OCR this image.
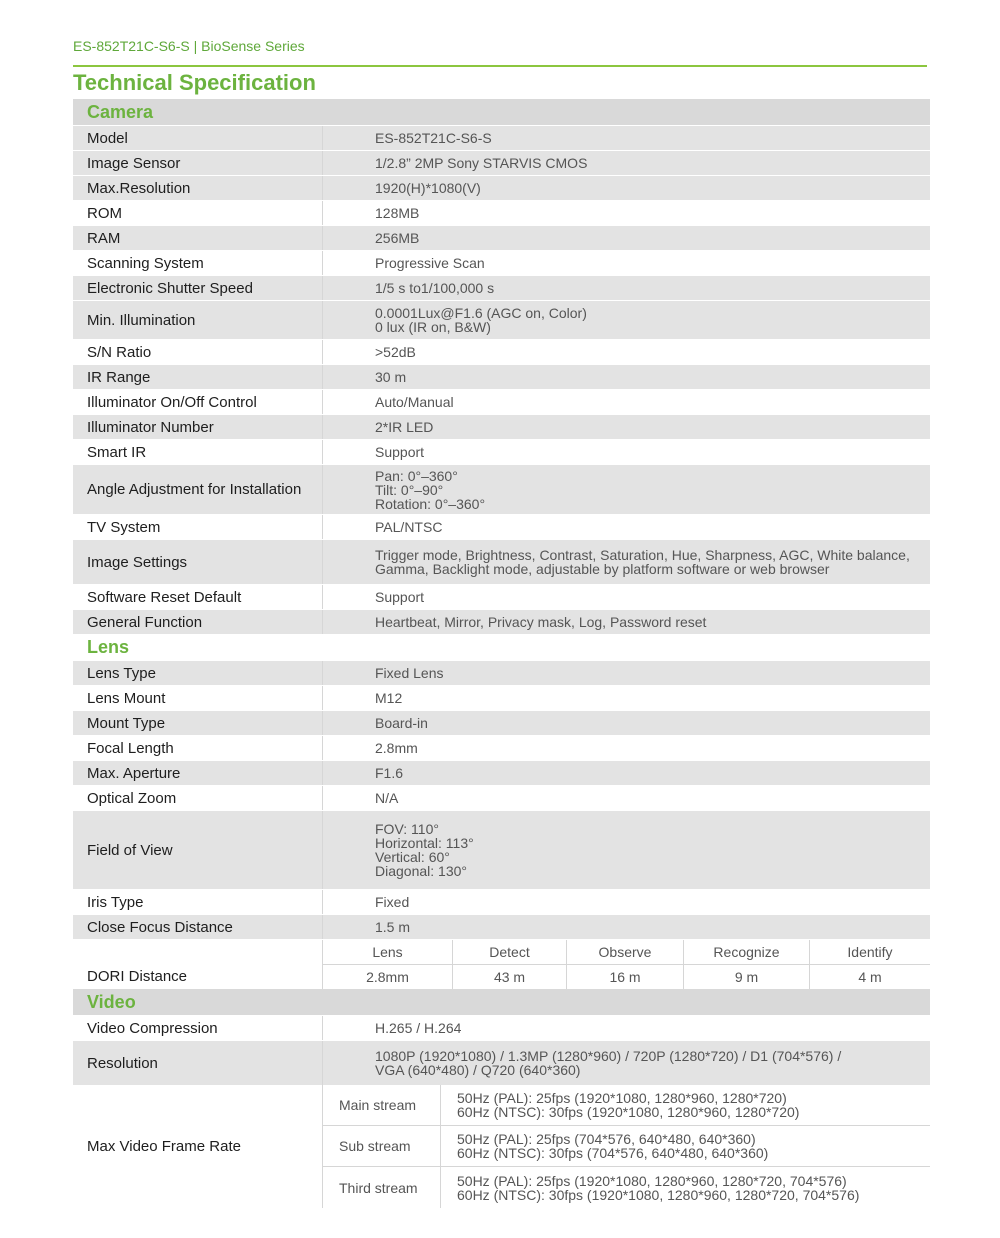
ES-852T21C-S6-S | BioSense Series
Technical Specification
Camera
Model	ES-852T21C-S6-S
Image Sensor	1/2.8” 2MP Sony STARVIS CMOS
Max.Resolution	1920(H)*1080(V)
ROM	128MB
RAM	256MB
Scanning System	Progressive Scan
Electronic Shutter Speed	1/5 s to1/100,000 s
Min. Illumination	0.0001Lux@F1.6 (AGC on, Color)
0 lux (IR on, B&W)
S/N Ratio	>52dB
IR Range	30 m
Illuminator On/Off Control	Auto/Manual
Illuminator Number	2*IR LED
Smart IR	Support
Angle Adjustment for Installation
Pan: 0°–360°
Tilt: 0°–90°
Rotation: 0°–360°
TV System	PAL/NTSC
Image Settings	Trigger mode, Brightness, Contrast, Saturation, Hue, Sharpness, AGC, White balance,
Gamma, Backlight mode, adjustable by platform software or web browser
Software Reset Default	Support
General Function	Heartbeat, Mirror, Privacy mask, Log, Password reset
Lens
Lens Type	Fixed Lens
Lens Mount	M12
Mount Type	Board-in
Focal Length	2.8mm
Max. Aperture	F1.6
Optical Zoom	N/A
Field of View
FOV: 110°
Horizontal: 113°
Vertical: 60°
Diagonal: 130°
Iris Type	Fixed
Close Focus Distance	1.5 m
DORI Distance
Lens	Detect	Observe	Recognize	Identify
2.8mm	43 m	16 m	9 m	4 m
Video
Video Compression	H.265 / H.264
Resolution	1080P (1920*1080) / 1.3MP (1280*960) / 720P (1280*720) / D1 (704*576) /
VGA (640*480) / Q720 (640*360)
Max Video Frame Rate
Main stream	50Hz (PAL): 25fps (1920*1080, 1280*960, 1280*720)
60Hz (NTSC): 30fps (1920*1080, 1280*960, 1280*720)
Sub stream	50Hz (PAL): 25fps (704*576, 640*480, 640*360)
60Hz (NTSC): 30fps (704*576, 640*480, 640*360)
Third stream	50Hz (PAL): 25fps (1920*1080, 1280*960, 1280*720, 704*576)
60Hz (NTSC): 30fps (1920*1080, 1280*960, 1280*720, 704*576)
